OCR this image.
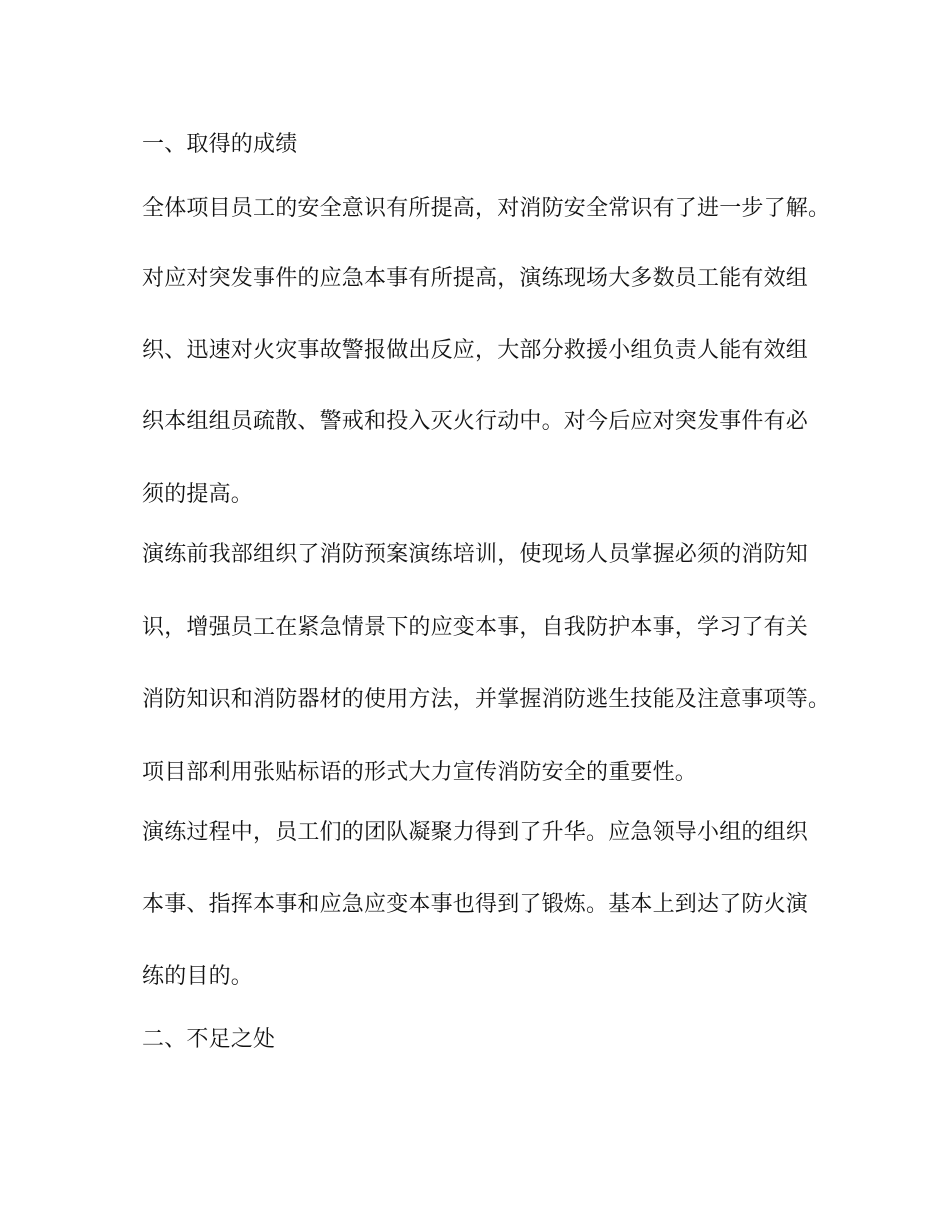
一、取得的成绩
全体项目员工的安全意识有所提高，对消防安全常识有了进一步了解。
对应对突发事件的应急本事有所提高，演练现场大多数员工能有效组
织、迅速对火灾事故警报做出反应，大部分救援小组负责人能有效组
织本组组员疏散、警戒和投入灭火行动中。对今后应对突发事件有必
须的提高。
演练前我部组织了消防预案演练培训，使现场人员掌握必须的消防知
识，增强员工在紧急情景下的应变本事，自我防护本事，学习了有关
消防知识和消防器材的使用方法，并掌握消防逃生技能及注意事项等。
项目部利用张贴标语的形式大力宣传消防安全的重要性。
演练过程中，员工们的团队凝聚力得到了升华。应急领导小组的组织
本事、指挥本事和应急应变本事也得到了锻炼。基本上到达了防火演
练的目的。
二、不足之处
